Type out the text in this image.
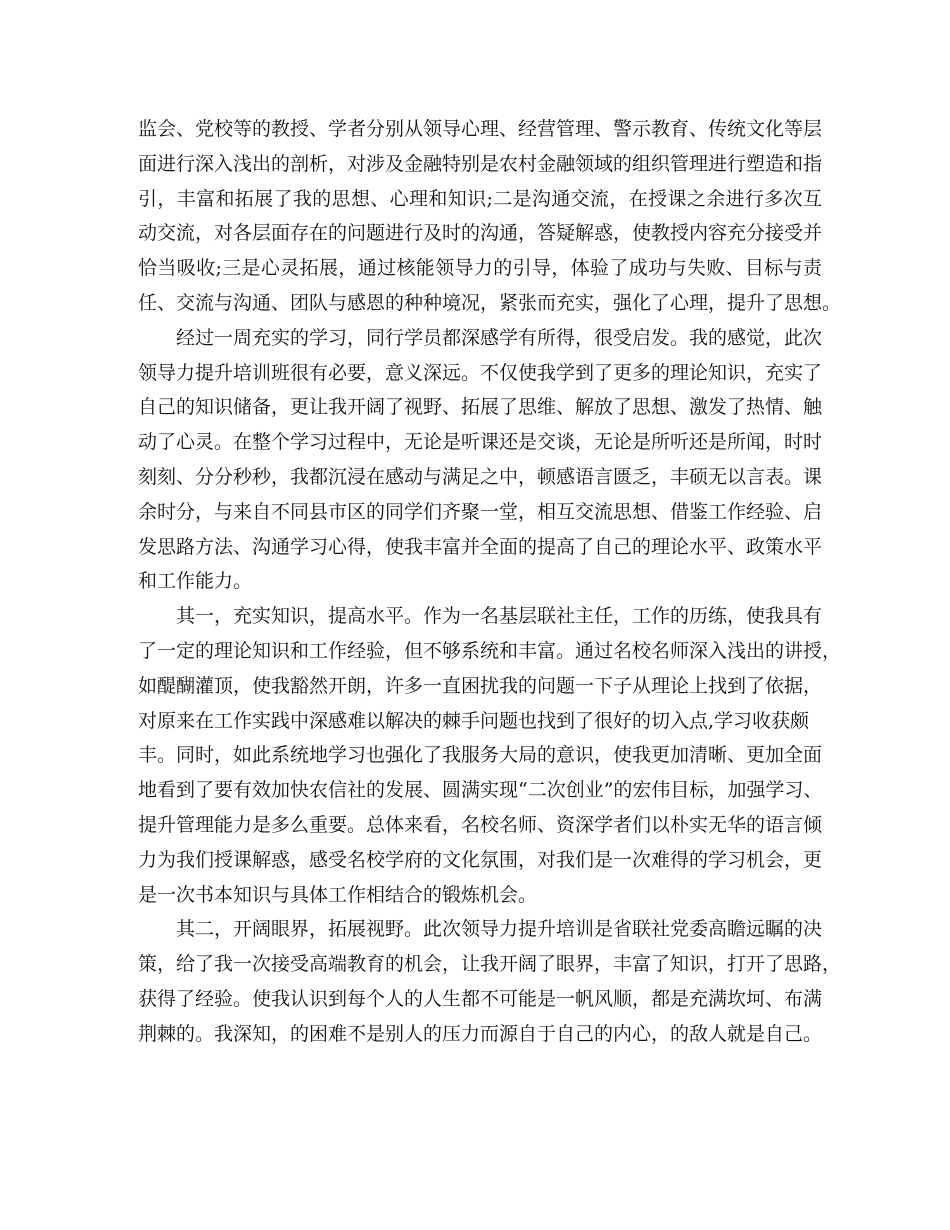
监会、党校等的教授、学者分别从领导心理、经营管理、警示教育、传统文化等层
面进行深入浅出的剖析，对涉及金融特别是农村金融领域的组织管理进行塑造和指
引，丰富和拓展了我的思想、心理和知识;二是沟通交流，在授课之余进行多次互
动交流，对各层面存在的问题进行及时的沟通，答疑解惑，使教授内容充分接受并
恰当吸收;三是心灵拓展，通过核能领导力的引导，体验了成功与失败、目标与责
任、交流与沟通、团队与感恩的种种境况，紧张而充实，强化了心理，提升了思想。
经过一周充实的学习，同行学员都深感学有所得，很受启发。我的感觉，此次
领导力提升培训班很有必要，意义深远。不仅使我学到了更多的理论知识，充实了
自己的知识储备，更让我开阔了视野、拓展了思维、解放了思想、激发了热情、触
动了心灵。在整个学习过程中，无论是听课还是交谈，无论是所听还是所闻，时时
刻刻、分分秒秒，我都沉浸在感动与满足之中，顿感语言匮乏，丰硕无以言表。课
余时分，与来自不同县市区的同学们齐聚一堂，相互交流思想、借鉴工作经验、启
发思路方法、沟通学习心得，使我丰富并全面的提高了自己的理论水平、政策水平
和工作能力。
其一，充实知识，提高水平。作为一名基层联社主任，工作的历练，使我具有
了一定的理论知识和工作经验，但不够系统和丰富。通过名校名师深入浅出的讲授，
如醍醐灌顶，使我豁然开朗，许多一直困扰我的问题一下子从理论上找到了依据，
对原来在工作实践中深感难以解决的棘手问题也找到了很好的切入点,学习收获颇
丰。同时，如此系统地学习也强化了我服务大局的意识，使我更加清晰、更加全面
地看到了要有效加快农信社的发展、圆满实现“二次创业”的宏伟目标，加强学习、
提升管理能力是多么重要。总体来看，名校名师、资深学者们以朴实无华的语言倾
力为我们授课解惑，感受名校学府的文化氛围，对我们是一次难得的学习机会，更
是一次书本知识与具体工作相结合的锻炼机会。
其二，开阔眼界，拓展视野。此次领导力提升培训是省联社党委高瞻远瞩的决
策，给了我一次接受高端教育的机会，让我开阔了眼界，丰富了知识，打开了思路，
获得了经验。使我认识到每个人的人生都不可能是一帆风顺，都是充满坎坷、布满
荆棘的。我深知，的困难不是别人的压力而源自于自己的内心，的敌人就是自己。
